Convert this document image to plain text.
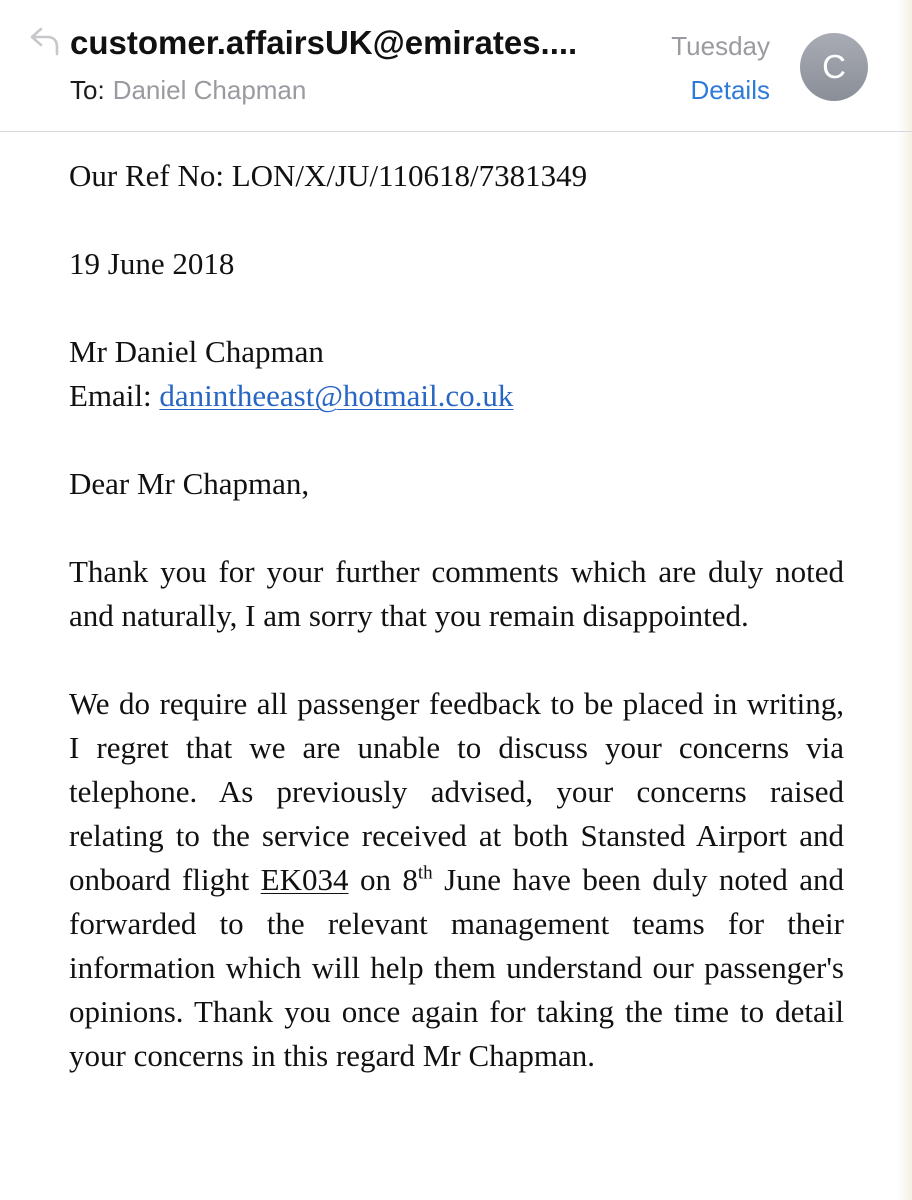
customer.affairsUK@emirates....	Tuesday
To: Daniel Chapman	Details
C

Our Ref No: LON/X/JU/110618/7381349

19 June 2018

Mr Daniel Chapman

Email: danintheeast@hotmail.co.uk

Dear Mr Chapman,

Thank you for your further comments which are duly noted and naturally, I am sorry that you remain disappointed.

We do require all passenger feedback to be placed in writing, I regret that we are unable to discuss your concerns via telephone. As previously advised, your concerns raised relating to the service received at both Stansted Airport and onboard flight EK034 on 8th June have been duly noted and forwarded to the relevant management teams for their information which will help them understand our passenger's opinions. Thank you once again for taking the time to detail your concerns in this regard Mr Chapman.
